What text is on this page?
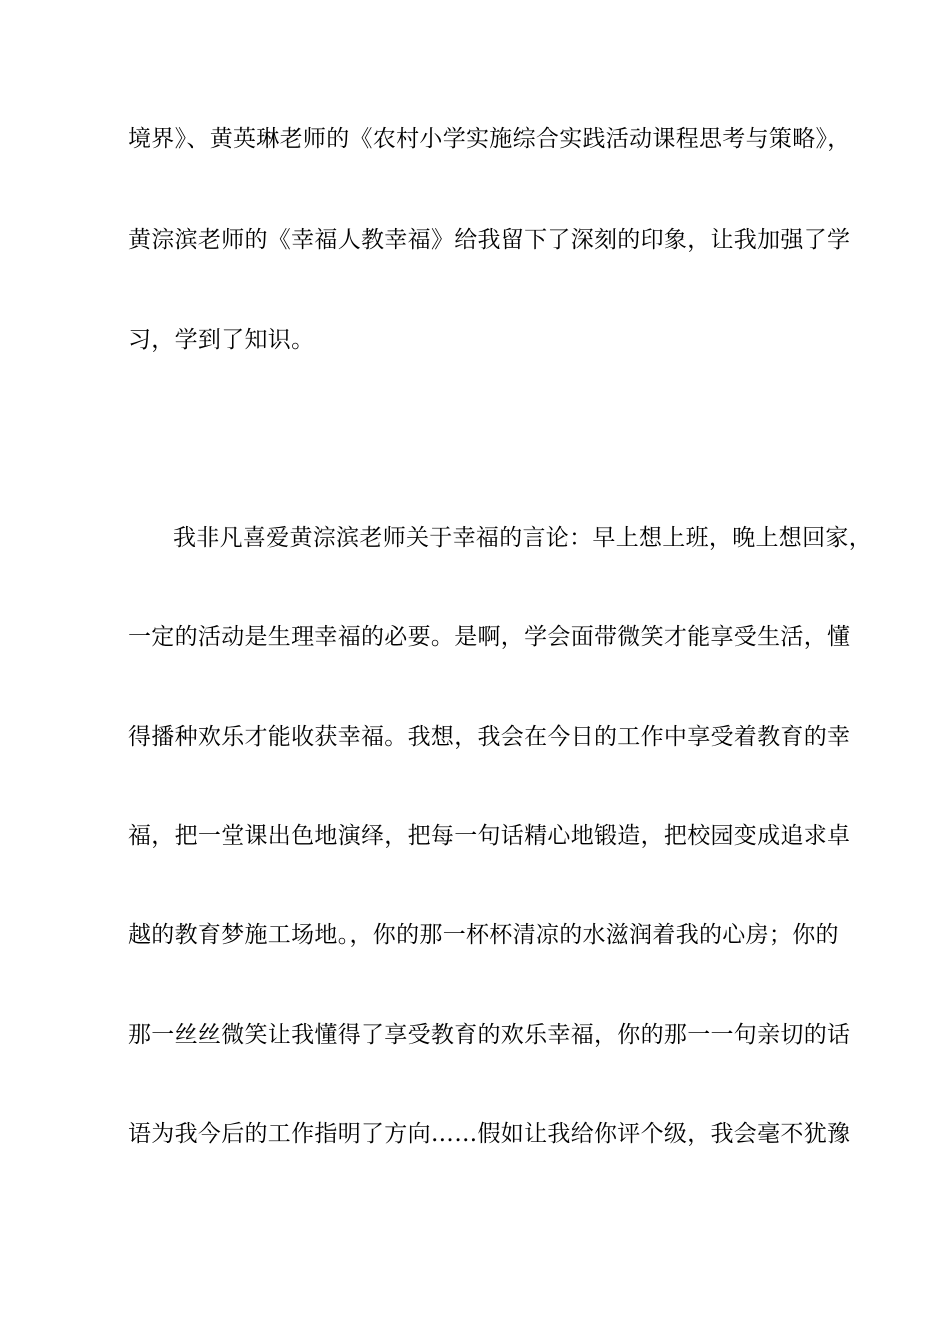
境界》、黄英琳老师的《农村小学实施综合实践活动课程思考与策略》，
黄淙滨老师的《幸福人教幸福》给我留下了深刻的印象，让我加强了学
习，学到了知识。
我非凡喜爱黄淙滨老师关于幸福的言论：早上想上班，晚上想回家，
一定的活动是生理幸福的必要。是啊，学会面带微笑才能享受生活，懂
得播种欢乐才能收获幸福。我想，我会在今日的工作中享受着教育的幸
福，把一堂课出色地演绎，把每一句话精心地锻造，把校园变成追求卓
越的教育梦施工场地。，你的那一杯杯清凉的水滋润着我的心房；你的
那一丝丝微笑让我懂得了享受教育的欢乐幸福，你的那一一句亲切的话
语为我今后的工作指明了方向……假如让我给你评个级，我会毫不犹豫
